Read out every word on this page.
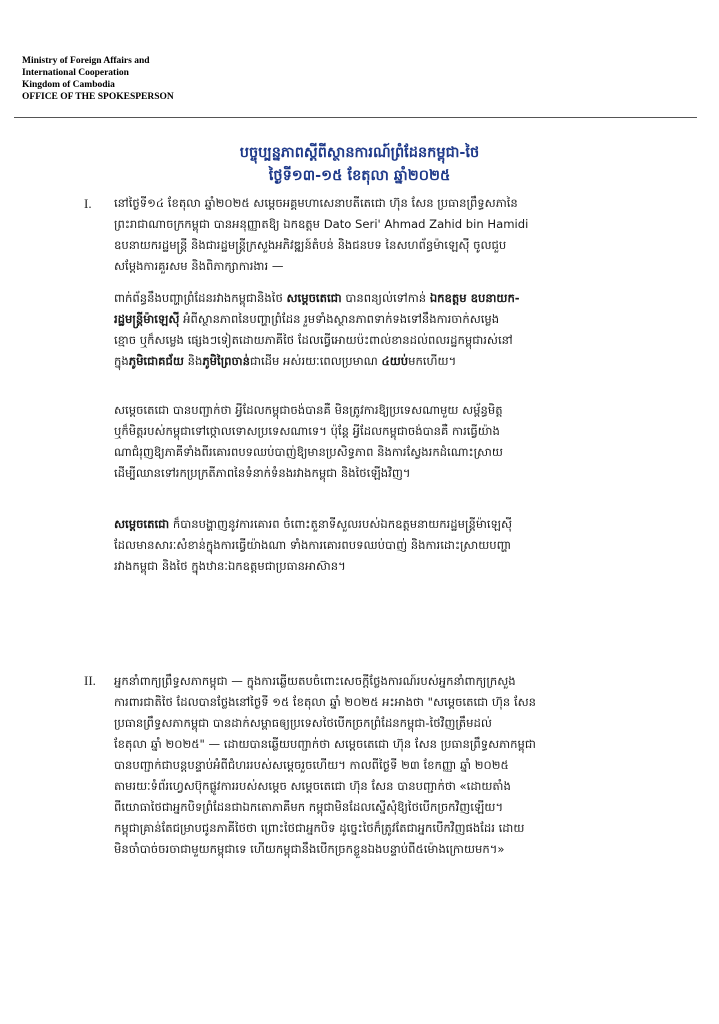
Ministry of Foreign Affairs and
International Cooperation
Kingdom of Cambodia
OFFICE OF THE SPOKESPERSON
បច្ចុប្បន្នភាពស្តីពីស្ថានការណ៍ព្រំដែនកម្ពុជា-ថៃ
ថ្ងៃទី១៣-១៥ ខែតុលា ឆ្នាំ២០២៥
I. នៅថ្ងៃទី១៤ ខែតុលា ឆ្នាំ២០២៥ សម្តេចអគ្គមហាសេនាបតីតេជោ ហ៊ុន សែន ប្រធានព្រឹទ្ធសភានៃ
ព្រះរាជាណាចក្រកម្ពុជា បានអនុញ្ញាតឱ្យ ឯកឧត្តម Dato Seri' Ahmad Zahid bin Hamidi
ឧបនាយករដ្ឋមន្ត្រី និងជារដ្ឋមន្ត្រីក្រសួងអភិវឌ្ឍន៍តំបន់ និងជនបទ នៃសហព័ន្ធម៉ាឡេស៊ី ចូលជួប
សម្តែងការគួរសម និងពិភាក្សាការងារ —
ពាក់ព័ន្ធនឹងបញ្ហាព្រំដែនរវាងកម្ពុជានិងថៃ សម្តេចតេជោ បានពន្យល់ទៅកាន់ ឯកឧត្តម ឧបនាយក-
រដ្ឋមន្ត្រីម៉ាឡេស៊ី អំពីស្ថានភាពនៃបញ្ហាព្រំដែន រួមទាំងស្ថានភាពទាក់ទងទៅនឹងការចាក់សម្លេង
ខ្មោច ឬក៏សម្លេង ផ្សេងៗទៀតដោយភាគីថៃ ដែលធ្វើអោយប៉ះពាល់ខានដល់ពលរដ្ឋកម្ពុជារស់នៅ
ក្នុងភូមិជោគជ័យ និងភូមិព្រៃចាន់ជាដើម អស់រយៈពេលប្រមាណ ៤យប់មកហើយ។
សម្តេចតេជោ បានបញ្ជាក់ថា អ្វីដែលកម្ពុជាចង់បានគឺ មិនត្រូវការឱ្យប្រទេសណាមួយ សម្ព័ន្ធមិត្ត
ឬក៏មិត្តរបស់កម្ពុជាទៅថ្កោលទោសប្រទេសណាទេ។ ប៉ុន្តែ អ្វីដែលកម្ពុជាចង់បានគឺ ការធ្វើយ៉ាង
ណាជំរុញឱ្យភាគីទាំងពីរគោរពបទឈប់បាញ់ឱ្យមានប្រសិទ្ធភាព និងការស្វែងរកដំណោះស្រាយ
ដើម្បីឈានទៅរកប្រក្រតីភាពនៃទំនាក់ទំនងរវាងកម្ពុជា និងថៃឡើងវិញ។
សម្តេចតេជោ ក៏បានបង្ហាញនូវការគោរព ចំពោះតួនាទីសួលរបស់ឯកឧត្តមនាយករដ្ឋមន្ត្រីម៉ាឡេស៊ី
ដែលមានសារៈសំខាន់ក្នុងការធ្វើយ៉ាងណា ទាំងការគោរពបទឈប់បាញ់ និងការដោះស្រាយបញ្ហា
រវាងកម្ពុជា និងថៃ ក្នុងឋានៈឯកឧត្តមជាប្រធានអាស៊ាន។
II. អ្នកនាំពាក្យព្រឹទ្ធសភាកម្ពុជា — ក្នុងការឆ្លើយតបចំពោះសេចក្តីថ្លែងការណ៍របស់អ្នកនាំពាក្យក្រសួង
ការពារជាតិថៃ ដែលបានថ្លែងនៅថ្ងៃទី ១៥ ខែតុលា ឆ្នាំ ២០២៥ អះអាងថា "សម្តេចតេជោ ហ៊ុន សែន
ប្រធានព្រឹទ្ធសភាកម្ពុជា បានដាក់សម្ពាធឲ្យប្រទេសថៃបើកច្រកព្រំដែនកម្ពុជា-ថៃវិញត្រឹមដល់
ខែតុលា ឆ្នាំ ២០២៥" — ដោយបានឆ្លើយបញ្ជាក់ថា សម្តេចតេជោ ហ៊ុន សែន ប្រធានព្រឹទ្ធសភាកម្ពុជា
បានបញ្ជាក់ជាបន្តបន្ទាប់អំពីជំហររបស់សម្តេចរួចហើយ។ កាលពីថ្ងៃទី ២៣ ខែកញ្ញា ឆ្នាំ ២០២៥
តាមរយៈទំព័រហ្វេសប៊ុកផ្លូវការរបស់សម្តេច សម្តេចតេជោ ហ៊ុន សែន បានបញ្ជាក់ថា «ដោយតាំង
ពីយោធាថៃជាអ្នកបិទព្រំដែនជាឯកតោភាគីមក កម្ពុជាមិនដែលស្នើសុំឱ្យថៃបើកច្រកវិញឡើយ។
កម្ពុជាគ្រាន់តែជម្រាបជូនភាគីថៃថា ព្រោះថៃជាអ្នកបិទ ដូច្នេះថៃក៏ត្រូវតែជាអ្នកបើកវិញផងដែរ ដោយ
មិនចាំបាច់ចរចាជាមួយកម្ពុជាទេ ហើយកម្ពុជានឹងបើកច្រកខ្លួនឯងបន្ទាប់ពី៥ម៉ោងក្រោយមក។»
